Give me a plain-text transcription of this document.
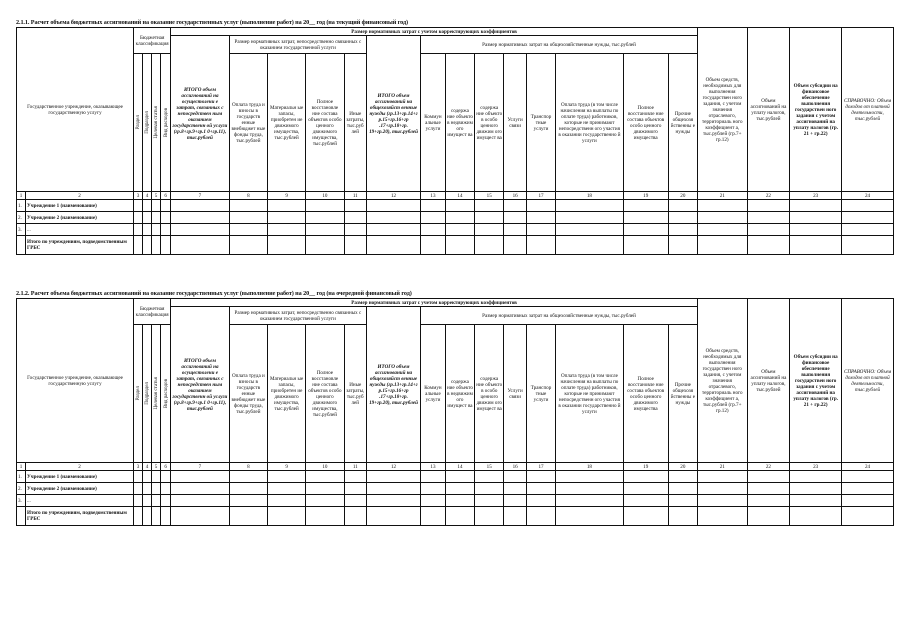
2.1.1. Расчет объема бюджетных ассигнований на оказание государственных услуг (выполнение работ) на 20__ год (на текущий финансовый год)
Государственное учреждение, оказывающее государственную услугу		Бюджетная классификация				Размер нормативных затрат с учетом корректирующих коэффициентов														Объем средств, необходимых для выполнения государствен ного задания, с учетом значения отраслевого, территориаль ного коэффициент а, тыс.рублей (гр.7+ гр.12)	Объем ассигнований на уплату налогов, тыс.рублей	Объем субсидии на финансовое обеспечение выполнения государствен ного задания с учетом ассигнований на уплату налогов (гр. 21 + гр.22)	СПРАВОЧНО: Объем доходов от платной деятельности, тыс.рублей
						ИТОГО объем ассигнований на осуществлени е затрат, связанных с непосредствен ным оказанием государственн ой услуги (гр.8+гр.9+гр.1 0+гр.11), тыс.рублей	Размер нормативных затрат, непосредственно связанных с оказанием государственной услуги				ИТОГО объем ассигнований на общехозяйст венные нужды (гр.13+гр.14+г р.15+гр.16+гр .17+гр.18+гр. 19+гр.20), тыс.рублей	Размер нормативных затрат на общехозяйственные нужды, тыс.рублей											

		Раздел	Подраздел	Целевая статья	Вид расходов		Оплата труда и взносы в государств енные внебюджет ные фонды труда, тыс.рублей	Материальн ые запасы, приобретен ие движимого имущества, тыс.рублей	Полное восстановле ние состава объектов особо ценного движимого имущества, тыс.рублей	Иные затраты, тыс.руб лей		Коммун альные услуги	содержа ние объекто в недвижим ого имущест ва	содержа ние объекто в особо ценного движим ого имущест ва	Услуги связи	Транспор тные услуги	Оплата труда (в том числе начисления на выплаты по оплате труда) работников, которые не принимают непосредственн ого участия в оказании государственно й услуги	Полное восстановле ние состава объектов особо ценного движимого имущества	Прочие общехозя йственны е нужды				
1	2	3	4	5	6	7	8	9	10	11	12	13	14	15	16	17	18	19	20	21	22	23	24
1.	Учреждение 1 (наименование)																						
2.	Учреждение 2 (наименование)																						
3.	...																						
	Итого по учреждениям, подведомственным ГРБС																						
2.1.2. Расчет объема бюджетных ассигнований на оказание государственных услуг (выполнение работ) на 20__ год (на очередной финансовый год)
Государственное учреждение, оказывающее государственную услугу		Бюджетная классификация				Размер нормативных затрат с учетом корректирующих коэффициентов														Объем средств, необходимых для выполнения государствен ного задания, с учетом значения отраслевого, территориаль ного коэффициент а, тыс.рублей (гр.7+ гр.12)	Объем ассигнований на уплату налогов, тыс.рублей	Объем субсидии на финансовое обеспечение выполнения государствен ного задания с учетом ассигнований на уплату налогов (гр. 21 + гр.22)	СПРАВОЧНО: Объем доходов от платной деятельности, тыс.рублей
						ИТОГО объем ассигнований на осуществлени е затрат, связанных с непосредствен ным оказанием государственн ой услуги (гр.8+гр.9+гр.1 0+гр.11), тыс.рублей	Размер нормативных затрат, непосредственно связанных с оказанием государственной услуги				ИТОГО объем ассигнований на общехозяйст венные нужды (гр.13+гр.14+г р.15+гр.16+гр .17+гр.18+гр. 19+гр.20), тыс.рублей	Размер нормативных затрат на общехозяйственные нужды, тыс.рублей											

		Раздел	Подраздел	Целевая статья	Вид расходов		Оплата труда и взносы в государств енные внебюджет ные фонды труда, тыс.рублей	Материальн ые запасы, приобретен ие движимого имущества, тыс.рублей	Полное восстановле ние состава объектов особо ценного движимого имущества, тыс.рублей	Иные затраты, тыс.руб лей		Коммун альные услуги	содержа ние объекто в недвижим ого имущест ва	содержа ние объекто в особо ценного движим ого имущест ва	Услуги связи	Транспор тные услуги	Оплата труда (в том числе начисления на выплаты по оплате труда) работников, которые не принимают непосредственн ого участия в оказании государственно й услуги	Полное восстановле ние состава объектов особо ценного движимого имущества	Прочие общехозя йственны е нужды				
1	2	3	4	5	6	7	8	9	10	11	12	13	14	15	16	17	18	19	20	21	22	23	24
1.	Учреждение 1 (наименование)																						
2.	Учреждение 2 (наименование)																						
3.	...																						
	Итого по учреждениям, подведомственным ГРБС																						
